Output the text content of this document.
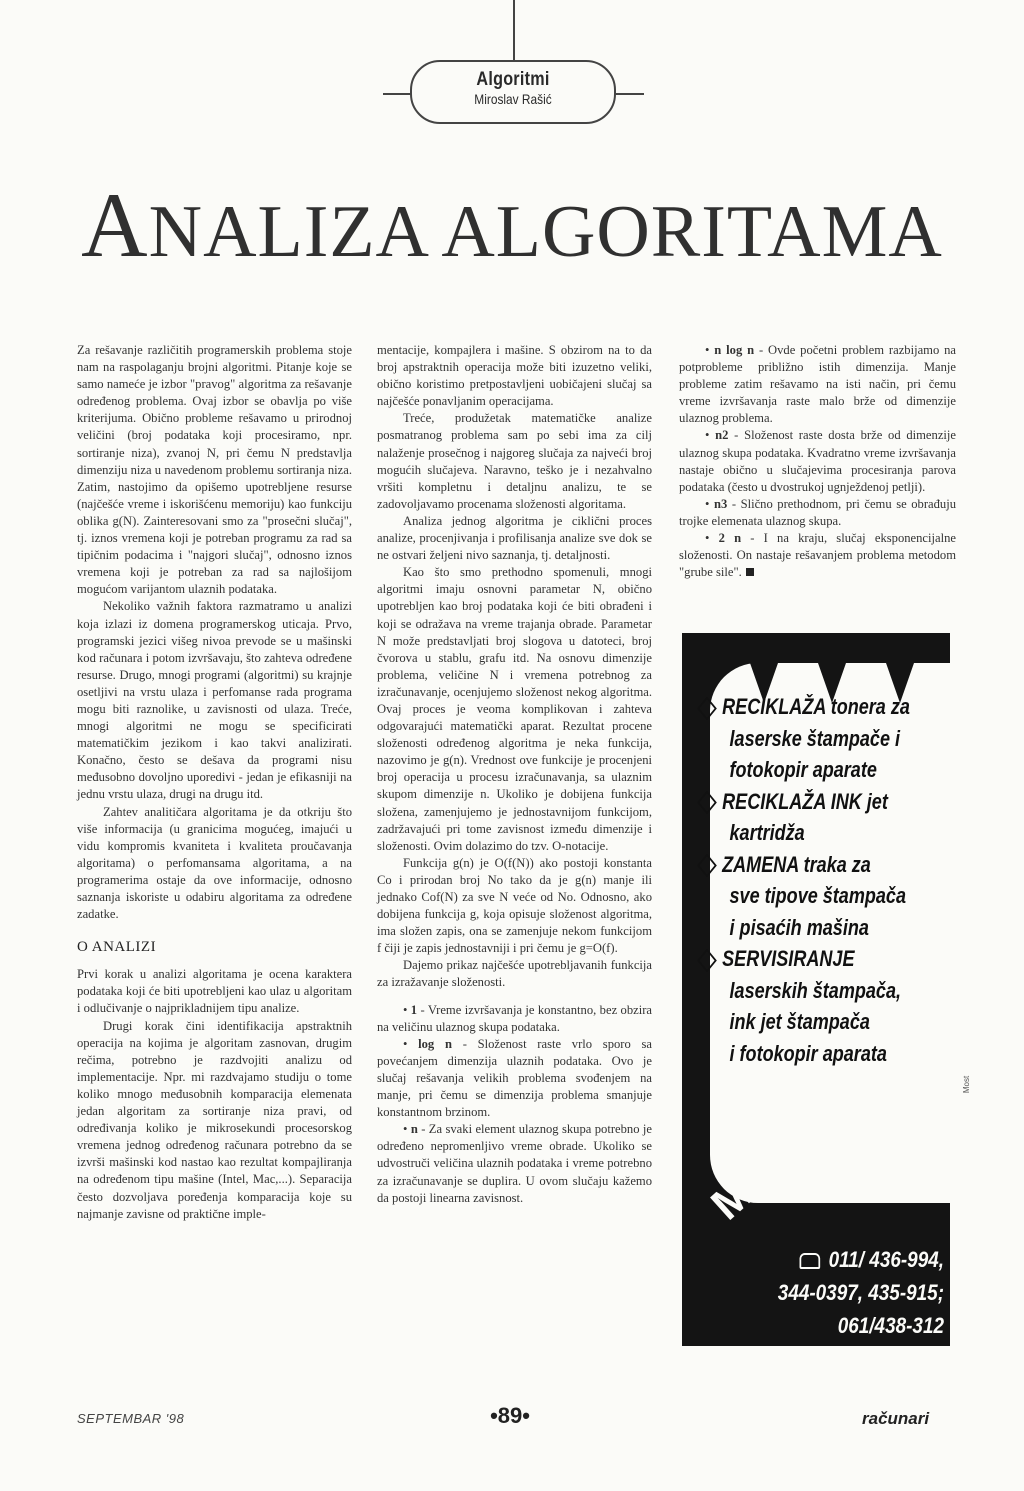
Algoritmi
Miroslav Rašić
ANALIZA ALGORITAMA

Za rešavanje različitih programerskih problema stoje nam na raspolaganju brojni algoritmi. Pitanje koje se samo nameće je izbor "pravog" algoritma za rešavanje određenog problema. Ovaj izbor se obavlja po više kriterijuma. Obično probleme rešavamo u prirodnoj veličini (broj podataka koji procesiramo, npr. sortiranje niza), zvanoj N, pri čemu N predstavlja dimenziju niza u navedenom problemu sortiranja niza. Zatim, nastojimo da opišemo upotrebljene resurse (najčešće vreme i iskorišćenu memoriju) kao funkciju oblika g(N). Zainteresovani smo za "prosečni slučaj", tj. iznos vremena koji je potreban programu za rad sa tipičnim podacima i "najgori slučaj", odnosno iznos vremena koji je potreban za rad sa najlošijom mogućom varijantom ulaznih podataka.

Nekoliko važnih faktora razmatramo u analizi koja izlazi iz domena programerskog uticaja. Prvo, programski jezici višeg nivoa prevode se u mašinski kod računara i potom izvršavaju, što zahteva određene resurse. Drugo, mnogi programi (algoritmi) su krajnje osetljivi na vrstu ulaza i perfomanse rada programa mogu biti raznolike, u zavisnosti od ulaza. Treće, mnogi algoritmi ne mogu se specificirati matematičkim jezikom i kao takvi analizirati. Konačno, često se dešava da programi nisu međusobno dovoljno uporedivi - jedan je efikasniji na jednu vrstu ulaza, drugi na drugu itd.

Zahtev analitičara algoritama je da otkriju što više informacija (u granicima mogućeg, imajući u vidu kompromis kvaniteta i kvaliteta proučavanja algoritama) o perfomansama algoritama, a na programerima ostaje da ove informacije, odnosno saznanja iskoriste u odabiru algoritama za određene zadatke.

O ANALIZI

Prvi korak u analizi algoritama je ocena karaktera podataka koji će biti upotrebljeni kao ulaz u algoritam i odlučivanje o najprikladnijem tipu analize.

Drugi korak čini identifikacija apstraktnih operacija na kojima je algoritam zasnovan, drugim rečima, potrebno je razdvojiti analizu od implementacije. Npr. mi razdvajamo studiju o tome koliko mnogo međusobnih komparacija elemenata jedan algoritam za sortiranje niza pravi, od određivanja koliko je mikrosekundi procesorskog vremena jednog određenog računara potrebno da se izvrši mašinski kod nastao kao rezultat kompajliranja na određenom tipu mašine (Intel, Mac,...). Separacija često dozvoljava poređenja komparacija koje su najmanje zavisne od praktične imple-

mentacije, kompajlera i mašine. S obzirom na to da broj apstraktnih operacija može biti izuzetno veliki, obično koristimo pretpostavljeni uobičajeni slučaj sa najčešće ponavljanim operacijama.

Treće, produžetak matematičke analize posmatranog problema sam po sebi ima za cilj nalaženje prosečnog i najgoreg slučaja za najveći broj mogućih slučajeva. Naravno, teško je i nezahvalno vršiti kompletnu i detaljnu analizu, te se zadovoljavamo procenama složenosti algoritama.

Analiza jednog algoritma je ciklični proces analize, procenjivanja i profilisanja analize sve dok se ne ostvari željeni nivo saznanja, tj. detaljnosti.

Kao što smo prethodno spomenuli, mnogi algoritmi imaju osnovni parametar N, obično upotrebljen kao broj podataka koji će biti obrađeni i koji se odražava na vreme trajanja obrade. Parametar N može predstavljati broj slogova u datoteci, broj čvorova u stablu, grafu itd. Na osnovu dimenzije problema, veličine N i vremena potrebnog za izračunavanje, ocenjujemo složenost nekog algoritma. Ovaj proces je veoma komplikovan i zahteva odgovarajući matematički aparat. Rezultat procene složenosti određenog algoritma je neka funkcija, nazovimo je g(n). Vrednost ove funkcije je procenjeni broj operacija u procesu izračunavanja, sa ulaznim skupom dimenzije n. Ukoliko je dobijena funkcija složena, zamenjujemo je jednostavnijom funkcijom, zadržavajući pri tome zavisnost između dimenzije i složenosti. Ovim dolazimo do tzv. O-notacije.

Funkcija g(n) je O(f(N)) ako postoji konstanta Co i prirodan broj No tako da je g(n) manje ili jednako Cof(N) za sve N veće od No. Odnosno, ako dobijena funkcija g, koja opisuje složenost algoritma, ima složen zapis, ona se zamenjuje nekom funkcijom f čiji je zapis jednostavniji i pri čemu je g=O(f).

Dajemo prikaz najčešće upotrebljavanih funkcija za izražavanje složenosti.

• 1 - Vreme izvršavanja je konstantno, bez obzira na veličinu ulaznog skupa podataka.

• log n - Složenost raste vrlo sporo sa povećanjem dimenzija ulaznih podataka. Ovo je slučaj rešavanja velikih problema svođenjem na manje, pri čemu se dimenzija problema smanjuje konstantnom brzinom.

• n - Za svaki element ulaznog skupa potrebno je određeno nepromenljivo vreme obrade. Ukoliko se udvostruči veličina ulaznih podataka i vreme potrebno za izračunavanje se duplira. U ovom slučaju kažemo da postoji linearna zavisnost.

• n log n - Ovde početni problem razbijamo na potprobleme približno istih dimenzija. Manje probleme zatim rešavamo na isti način, pri čemu vreme izvršavanja raste malo brže od dimenzije ulaznog problema.

• n2 - Složenost raste dosta brže od dimenzije ulaznog skupa podataka. Kvadratno vreme izvršavanja nastaje obično u slučajevima procesiranja parova podataka (često u dvostrukoj ugnježdenoj petlji).

• n3 - Slično prethodnom, pri čemu se obrađuju trojke elemenata ulaznog skupa.

• 2 n - I na kraju, slučaj eksponencijalne složenosti. On nastaje rešavanjem problema metodom "grube sile".

RECIKLAŽA tonera za
laserske štampače i
fotokopir aparate
RECIKLAŽA INK jet
kartridža
ZAMENA traka za
sve tipove štampača
i pisaćih mašina
SERVISIRANJE
laserskih štampača,
ink jet štampača
i fotokopir aparata
MATRIX
011/ 436-994,
344-0397, 435-915;
061/438-312
Most
SEPTEMBAR '98	•89•	računari
